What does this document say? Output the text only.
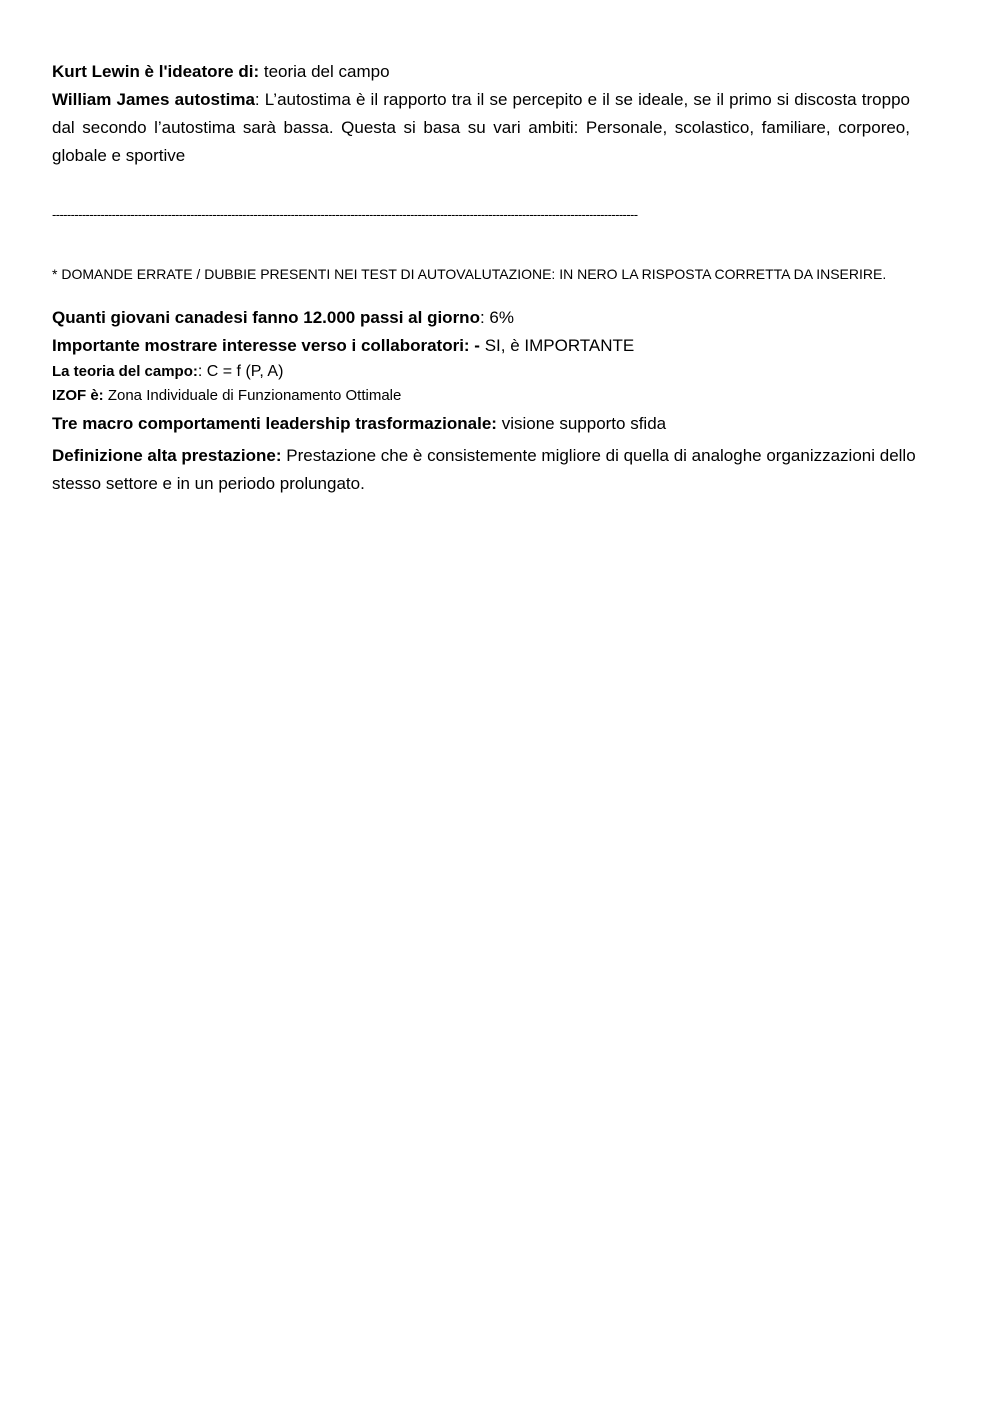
Kurt Lewin è l'ideatore di: teoria del campo

William James autostima: L’autostima è il rapporto tra il se percepito e il se ideale, se il primo si discosta troppo dal secondo l’autostima sarà bassa. Questa si basa su vari ambiti: Personale, scolastico, familiare, corporeo, globale e sportive

-------------------------------------------------------------------------------------------------------------------------------------------------------------

* DOMANDE ERRATE / DUBBIE PRESENTI NEI TEST DI AUTOVALUTAZIONE: IN NERO LA RISPOSTA CORRETTA DA INSERIRE.

Quanti giovani canadesi fanno 12.000 passi al giorno: 6%

Importante mostrare interesse verso i collaboratori: - SI, è IMPORTANTE

La teoria del campo:: C = f (P, A)

IZOF è: Zona Individuale di Funzionamento Ottimale

Tre macro comportamenti leadership trasformazionale: visione supporto sfida

Definizione alta prestazione: Prestazione che è consistemente migliore di quella di analoghe organizzazioni dello stesso settore e in un periodo prolungato.
